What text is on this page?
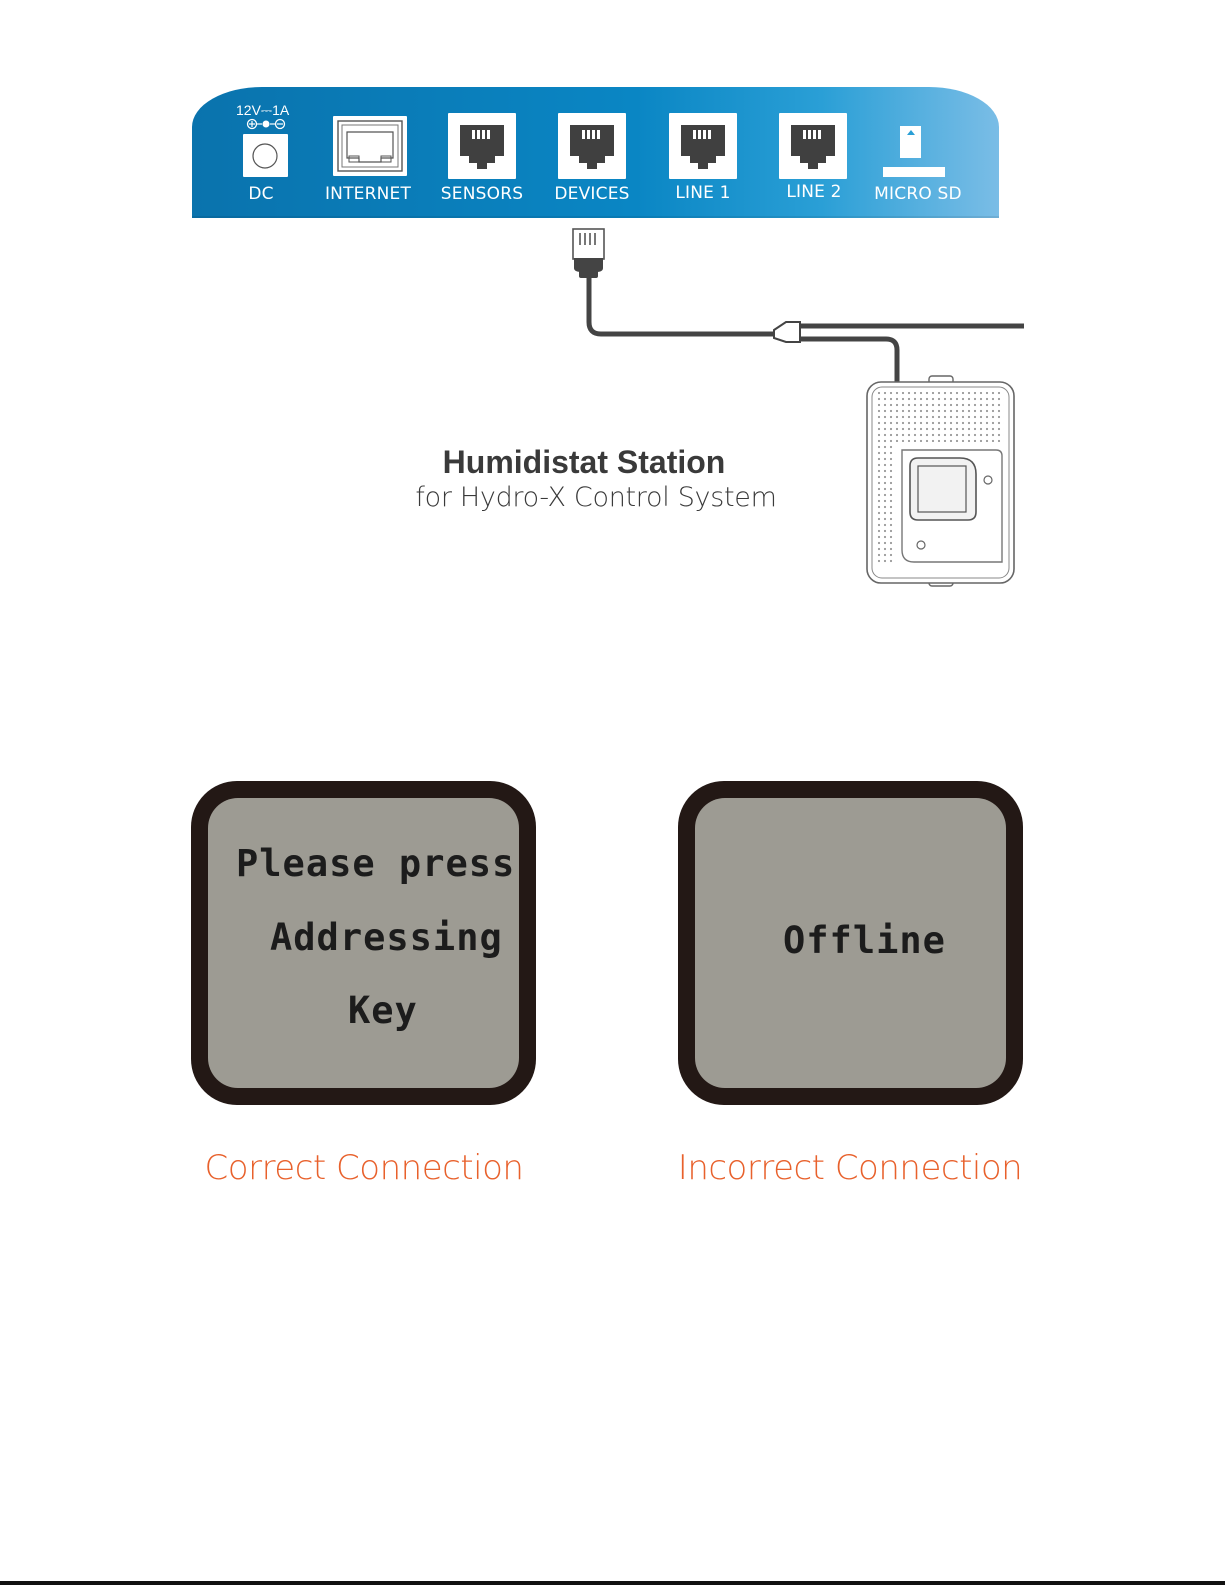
12V⎓1A
DC	INTERNET SENSORS DEVICES	LINE 1	LINE 2 MICRO SD
Humidistat Station
for Hydro-X Control System
Please press
Addressing
Key
Offline
Correct Connection	Incorrect Connection
